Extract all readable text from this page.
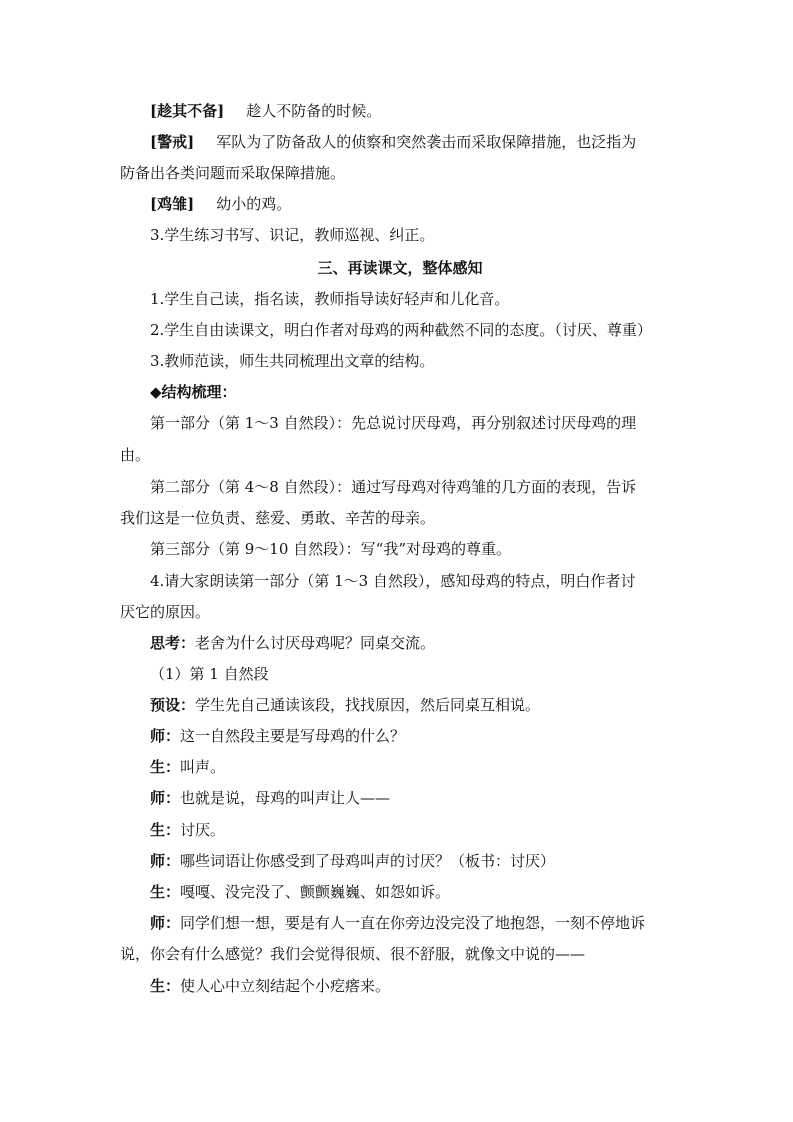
[趁其不备] 趁人不防备的时候。
[警戒] 军队为了防备敌人的侦察和突然袭击而采取保障措施，也泛指为
防备出各类问题而采取保障措施。
[鸡雏] 幼小的鸡。
3.学生练习书写、识记，教师巡视、纠正。
三、再读课文，整体感知
1.学生自己读，指名读，教师指导读好轻声和儿化音。
2.学生自由读课文，明白作者对母鸡的两种截然不同的态度。（讨厌、尊重）
3.教师范读，师生共同梳理出文章的结构。
◆结构梳理：
第一部分（第 1～3 自然段）：先总说讨厌母鸡，再分别叙述讨厌母鸡的理
由。
第二部分（第 4～8 自然段）：通过写母鸡对待鸡雏的几方面的表现，告诉
我们这是一位负责、慈爱、勇敢、辛苦的母亲。
第三部分（第 9～10 自然段）：写“我”对母鸡的尊重。
4.请大家朗读第一部分（第 1～3 自然段），感知母鸡的特点，明白作者讨
厌它的原因。
思考：老舍为什么讨厌母鸡呢？同桌交流。
（1）第 1 自然段
预设：学生先自己通读该段，找找原因，然后同桌互相说。
师：这一自然段主要是写母鸡的什么？
生：叫声。
师：也就是说，母鸡的叫声让人——
生：讨厌。
师：哪些词语让你感受到了母鸡叫声的讨厌？（板书：讨厌）
生：嘎嘎、没完没了、颤颤巍巍、如怨如诉。
师：同学们想一想，要是有人一直在你旁边没完没了地抱怨，一刻不停地诉
说，你会有什么感觉？我们会觉得很烦、很不舒服，就像文中说的——
生：使人心中立刻结起个小疙瘩来。
